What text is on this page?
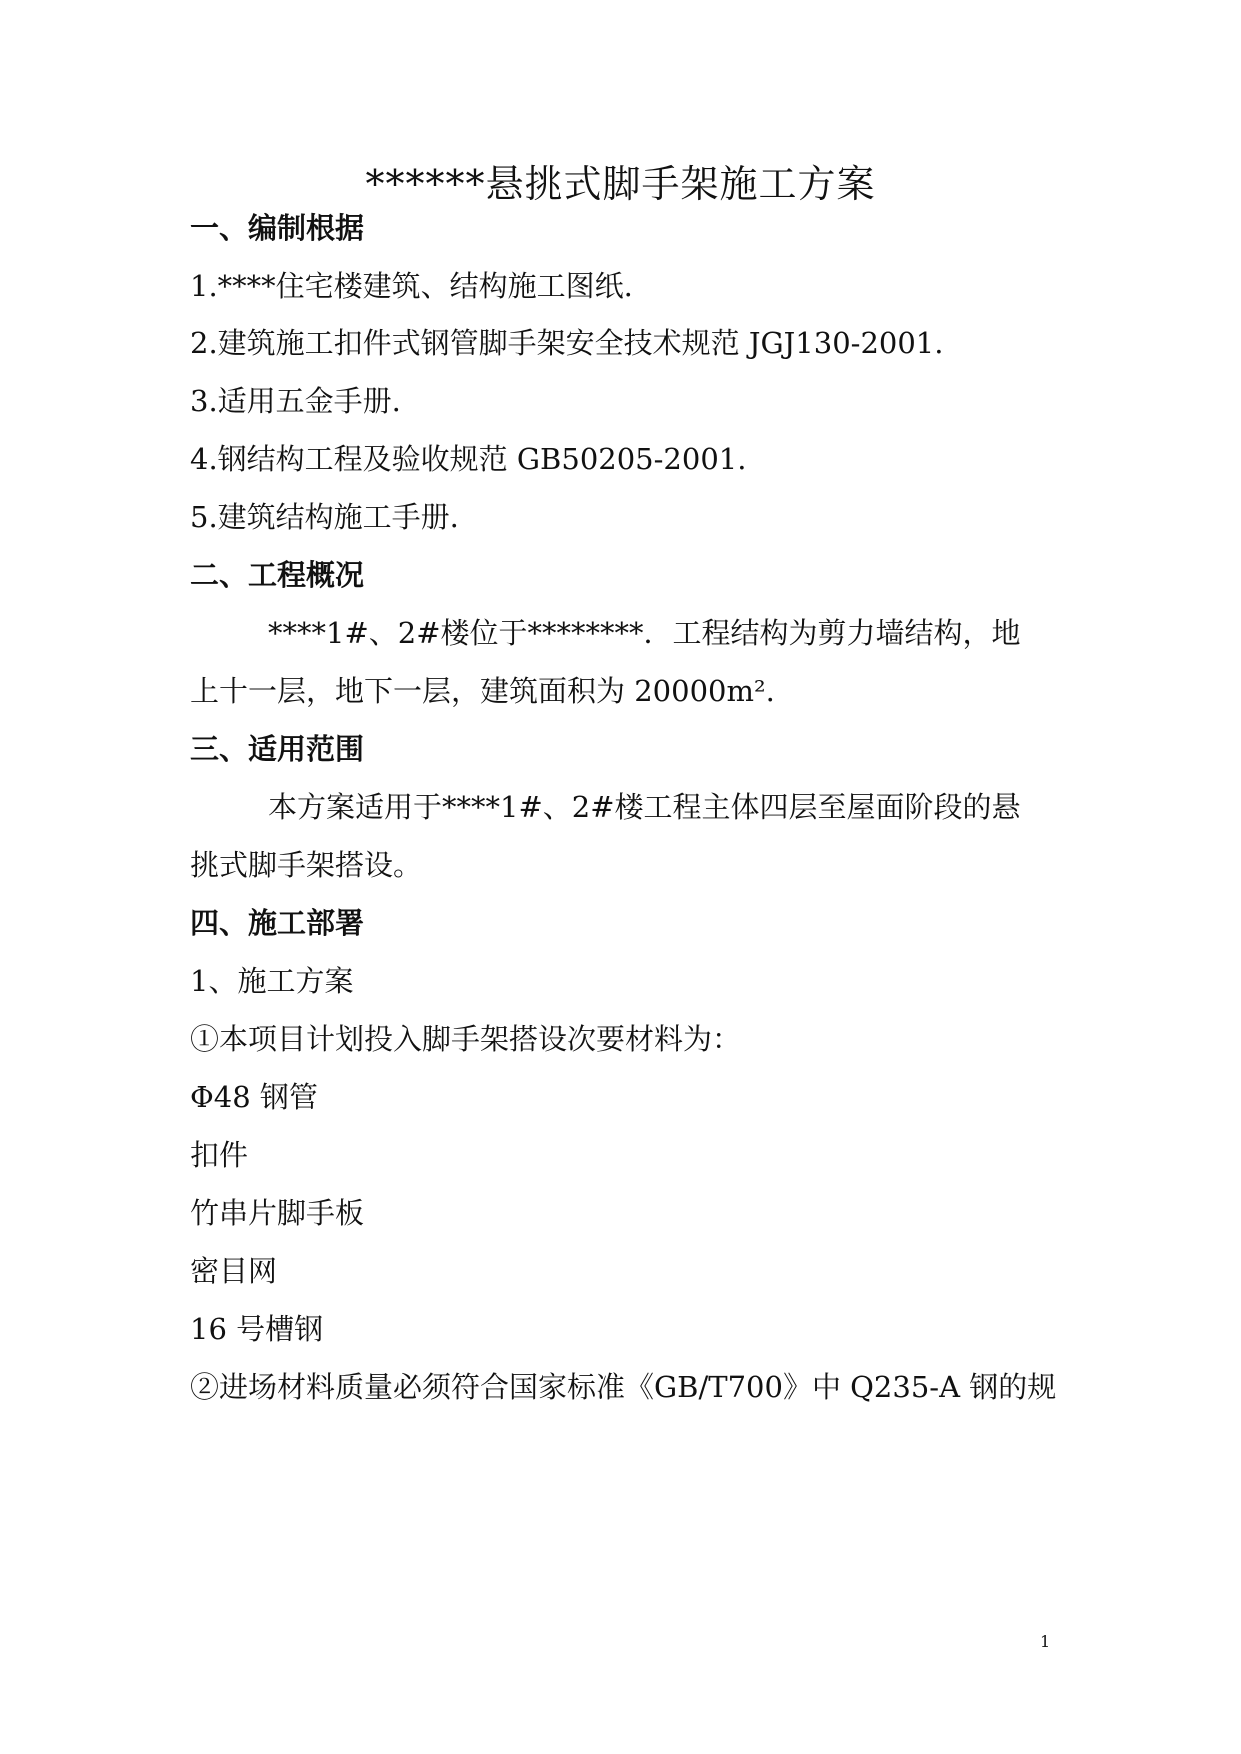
******悬挑式脚手架施工方案
一、编制根据
1.****住宅楼建筑、结构施工图纸.
2.建筑施工扣件式钢管脚手架安全技术规范 JGJ130-2001.
3.适用五金手册.
4.钢结构工程及验收规范 GB50205-2001.
5.建筑结构施工手册.
二、工程概况
****1#、2#楼位于********．工程结构为剪力墙结构，地
上十一层，地下一层，建筑面积为 20000m².
三、适用范围
本方案适用于****1#、2#楼工程主体四层至屋面阶段的悬
挑式脚手架搭设。
四、施工部署
1、施工方案
①本项目计划投入脚手架搭设次要材料为：
Φ48 钢管
扣件
竹串片脚手板
密目网
16 号槽钢
②进场材料质量必须符合国家标准《GB/T700》中 Q235-A 钢的规
1
